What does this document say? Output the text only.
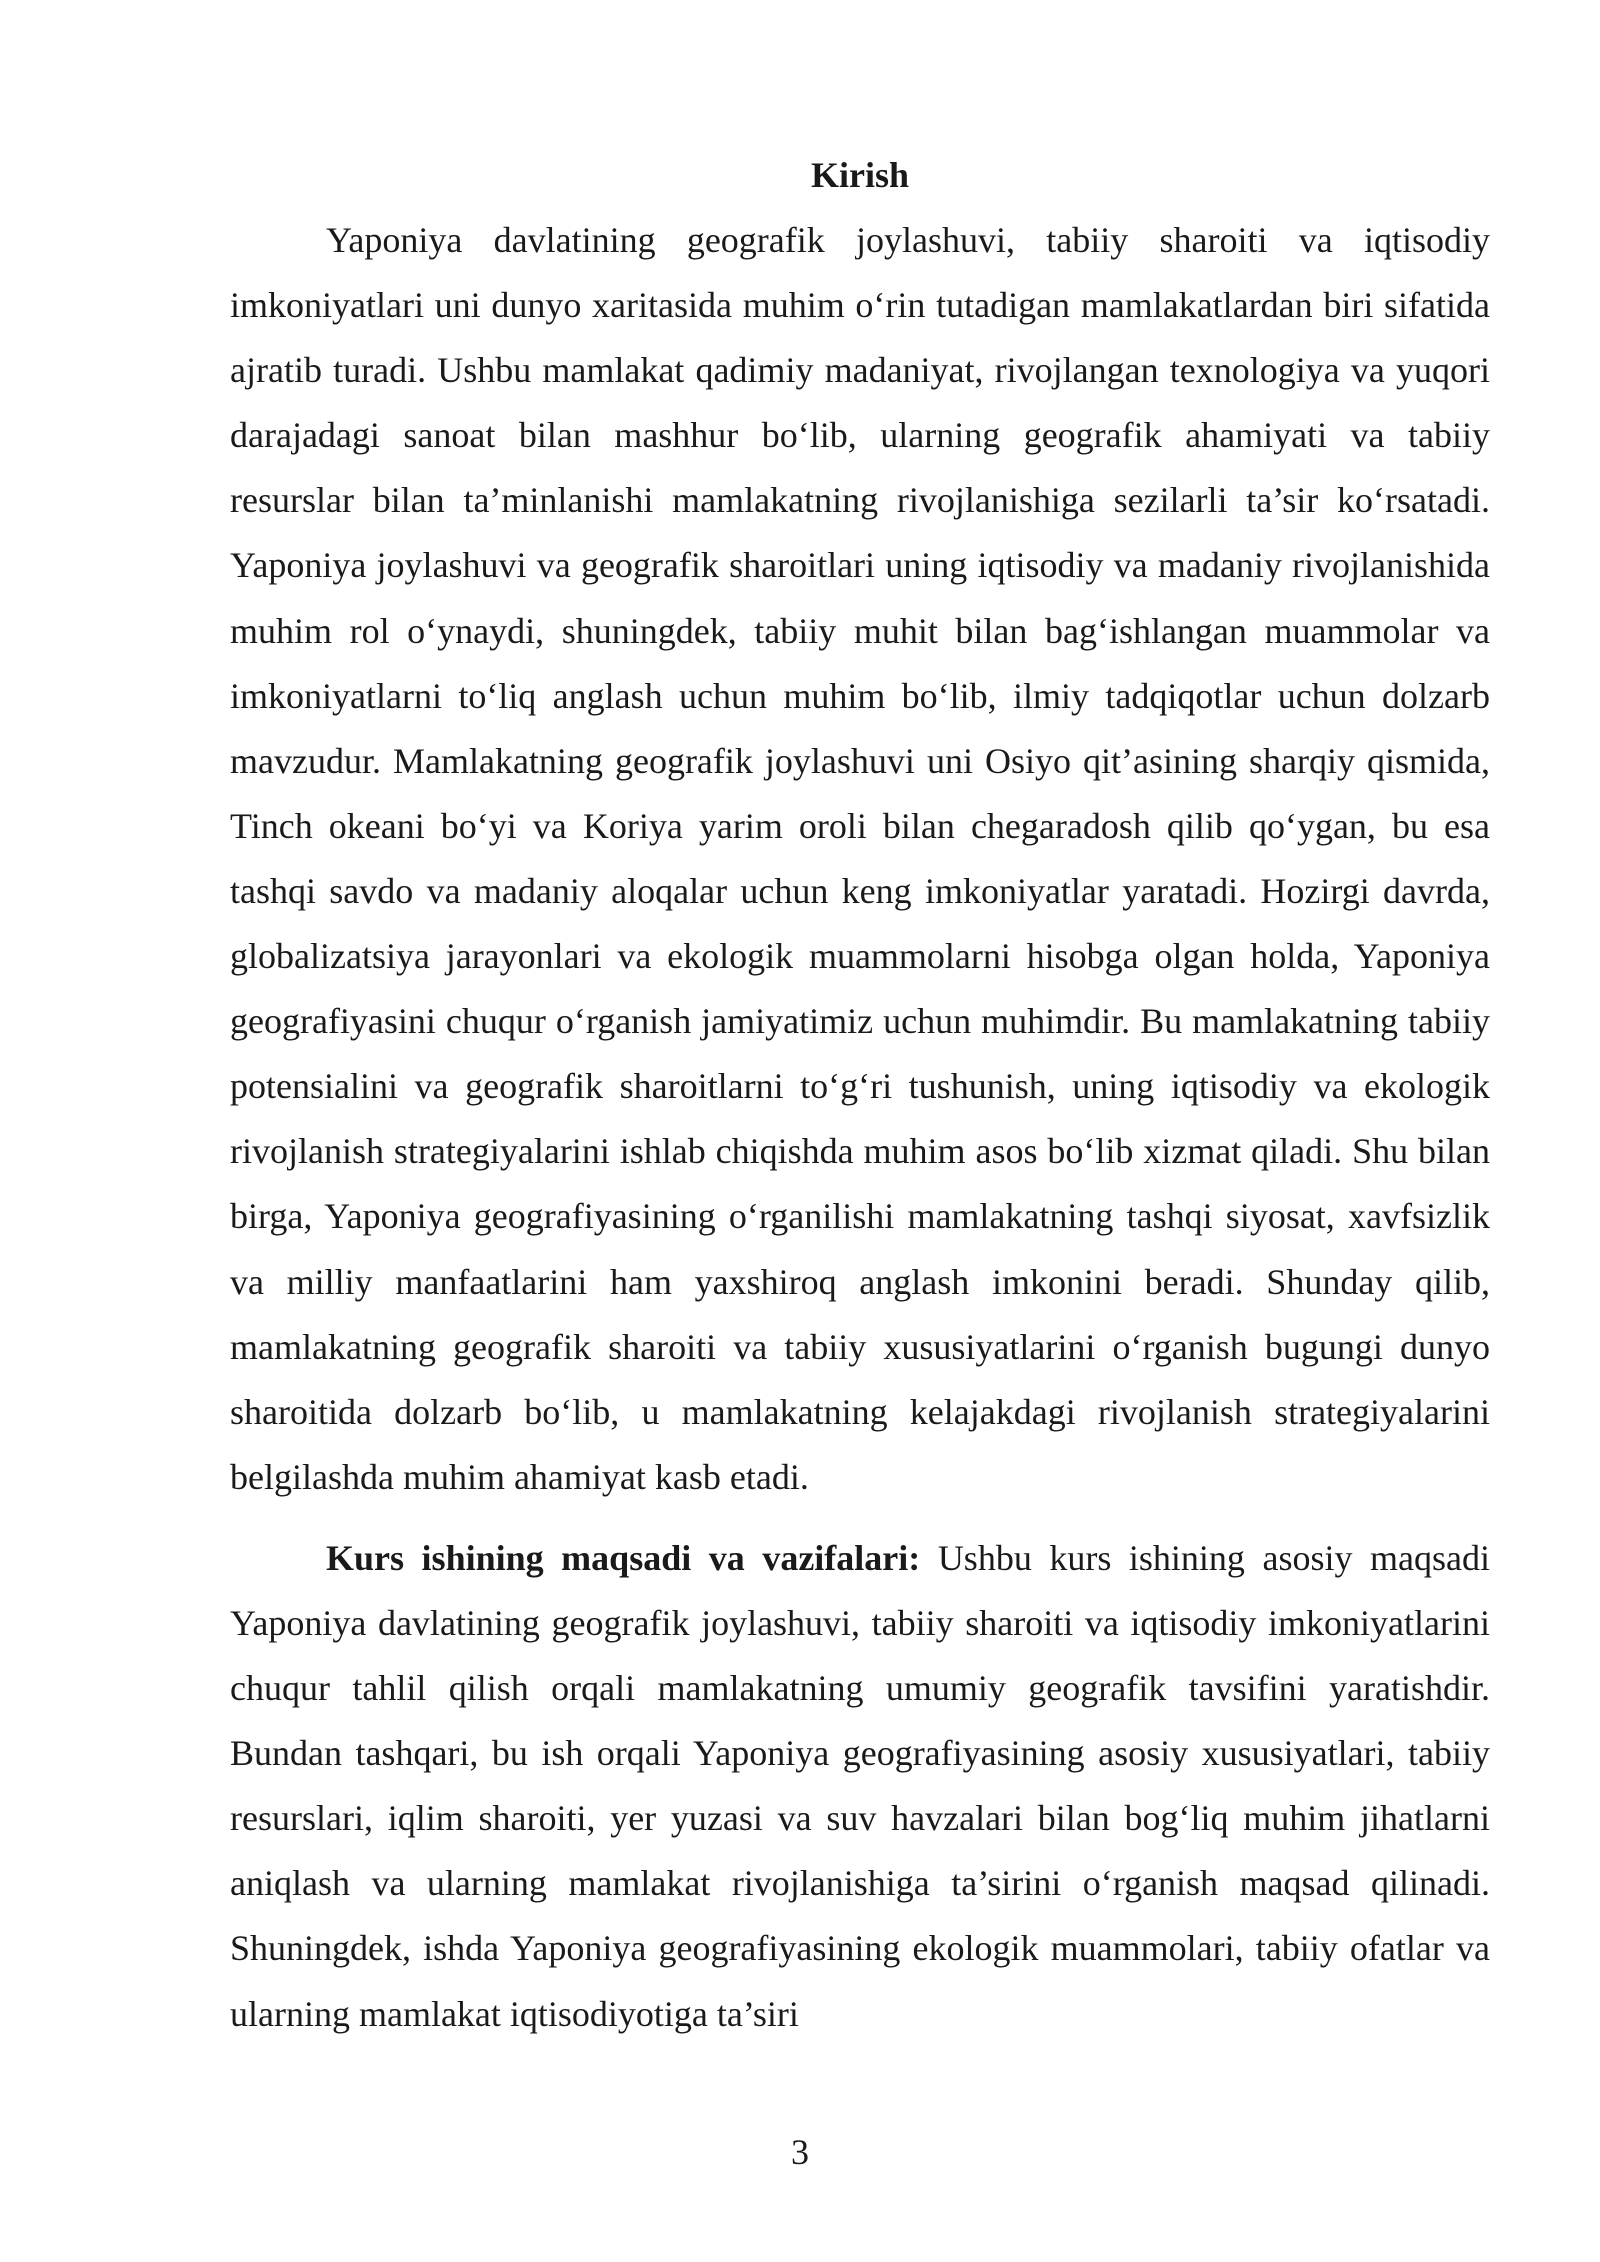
Kirish

Yaponiya davlatining geografik joylashuvi, tabiiy sharoiti va iqtisodiy imkoniyatlari uni dunyo xaritasida muhim o‘rin tutadigan mamlakatlardan biri sifatida ajratib turadi. Ushbu mamlakat qadimiy madaniyat, rivojlangan texnologiya va yuqori darajadagi sanoat bilan mashhur bo‘lib, ularning geografik ahamiyati va tabiiy resurslar bilan ta’minlanishi mamlakatning rivojlanishiga sezilarli ta’sir ko‘rsatadi. Yaponiya joylashuvi va geografik sharoitlari uning iqtisodiy va madaniy rivojlanishida muhim rol o‘ynaydi, shuningdek, tabiiy muhit bilan bag‘ishlangan muammolar va imkoniyatlarni to‘liq anglash uchun muhim bo‘lib, ilmiy tadqiqotlar uchun dolzarb mavzudur. Mamlakatning geografik joylashuvi uni Osiyo qit’asining sharqiy qismida, Tinch okeani bo‘yi va Koriya yarim oroli bilan chegaradosh qilib qo‘ygan, bu esa tashqi savdo va madaniy aloqalar uchun keng imkoniyatlar yaratadi. Hozirgi davrda, globalizatsiya jarayonlari va ekologik muammolarni hisobga olgan holda, Yaponiya geografiyasini chuqur o‘rganish jamiyatimiz uchun muhimdir. Bu mamlakatning tabiiy potensialini va geografik sharoitlarni to‘g‘ri tushunish, uning iqtisodiy va ekologik rivojlanish strategiyalarini ishlab chiqishda muhim asos bo‘lib xizmat qiladi. Shu bilan birga, Yaponiya geografiyasining o‘rganilishi mamlakatning tashqi siyosat, xavfsizlik va milliy manfaatlarini ham yaxshiroq anglash imkonini beradi. Shunday qilib, mamlakatning geografik sharoiti va tabiiy xususiyatlarini o‘rganish bugungi dunyo sharoitida dolzarb bo‘lib, u mamlakatning kelajakdagi rivojlanish strategiyalarini belgilashda muhim ahamiyat kasb etadi.

Kurs ishining maqsadi va vazifalari: Ushbu kurs ishining asosiy maqsadi Yaponiya davlatining geografik joylashuvi, tabiiy sharoiti va iqtisodiy imkoniyatlarini chuqur tahlil qilish orqali mamlakatning umumiy geografik tavsifini yaratishdir. Bundan tashqari, bu ish orqali Yaponiya geografiyasining asosiy xususiyatlari, tabiiy resurslari, iqlim sharoiti, yer yuzasi va suv havzalari bilan bog‘liq muhim jihatlarni aniqlash va ularning mamlakat rivojlanishiga ta’sirini o‘rganish maqsad qilinadi. Shuningdek, ishda Yaponiya geografiyasining ekologik muammolari, tabiiy ofatlar va ularning mamlakat iqtisodiyotiga ta’siri

3
